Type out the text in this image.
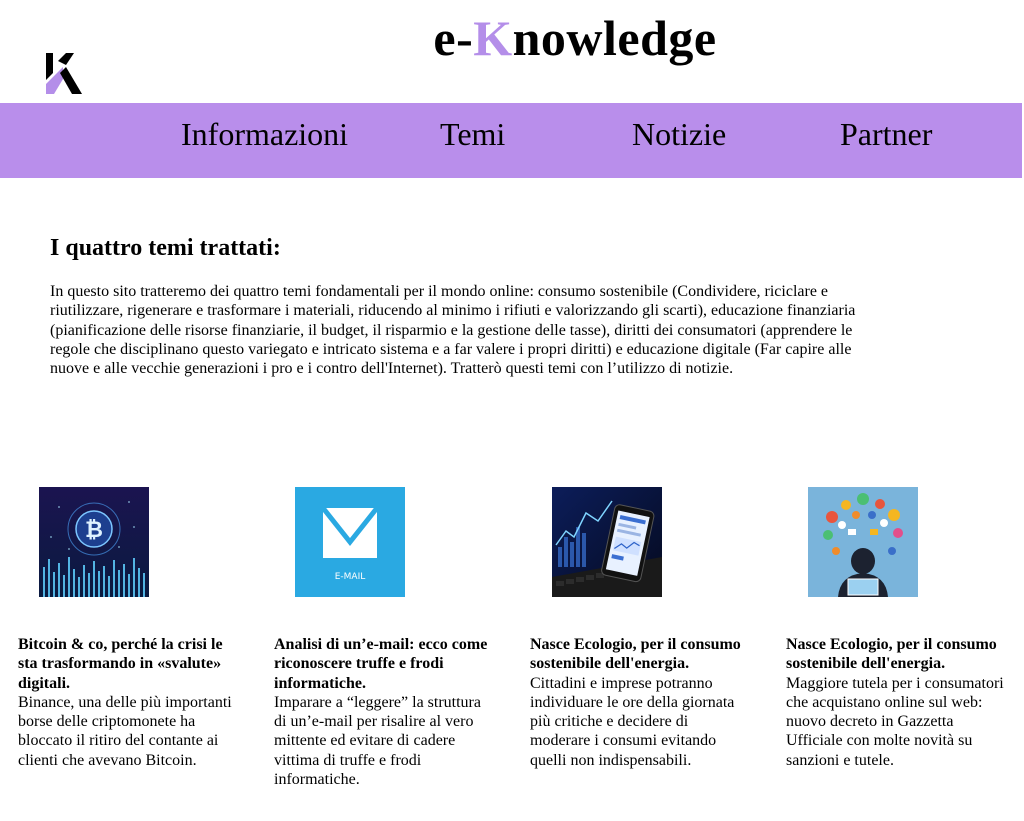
e-Knowledge
Informazioni	Temi	Notizie	Partner
I quattro temi trattati:

In questo sito tratteremo dei quattro temi fondamentali per il mondo online: consumo sostenibile (Condividere, riciclare e riutilizzare, rigenerare e trasformare i materiali, riducendo al minimo i rifiuti e valorizzando gli scarti), educazione finanziaria (pianificazione delle risorse finanziarie, il budget, il risparmio e la gestione delle tasse), diritti dei consumatori (apprendere le regole che disciplinano questo variegato e intricato sistema e a far valere i propri diritti) e educazione digitale (Far capire alle nuove e alle vecchie generazioni i pro e i contro dell'Internet). Tratterò questi temi con l’utilizzo di notizie.

₿
Bitcoin & co, perché la crisi le sta trasformando in «svalute» digitali.
Binance, una delle più importanti borse delle criptomonete ha bloccato il ritiro del contante ai clienti che avevano Bitcoin.
E-MAIL
Analisi di un’e-mail: ecco come riconoscere truffe e frodi informatiche.
Imparare a “leggere” la struttura di un’e-mail per risalire al vero mittente ed evitare di cadere vittima di truffe e frodi informatiche.
Nasce Ecologio, per il consumo sostenibile dell'energia.
Cittadini e imprese potranno individuare le ore della giornata più critiche e decidere di moderare i consumi evitando quelli non indispensabili.
Nasce Ecologio, per il consumo sostenibile dell'energia.
Maggiore tutela per i consumatori che acquistano online sul web: nuovo decreto in Gazzetta Ufficiale con molte novità su sanzioni e tutele.
